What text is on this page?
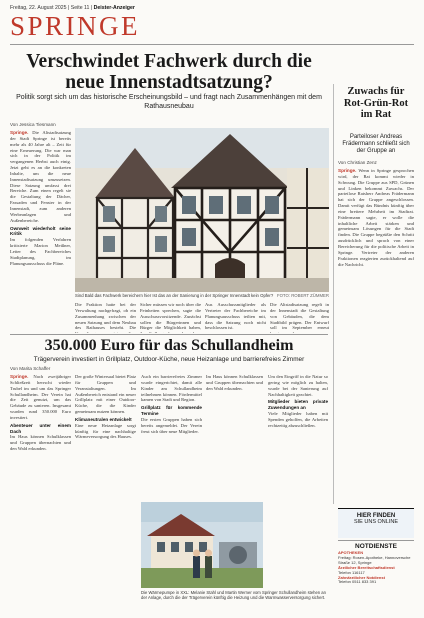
Freitag, 22. August 2025 | Seite 11 | Deister-Anzeiger
SPRINGE
Verschwindet Fachwerk durch die neue Innenstadtsatzung?
Politik sorgt sich um das historische Erscheinungsbild – und fragt nach Zusammenhängen mit dem Rathausneubau
Von Jessica Tiesmann
Springe. Die Altstadtsatzung der Stadt Springe ist bereits mehr als 40 Jahre alt – Zeit für eine Erneuerung. Die war man sich in der Politik im vergangenen Herbst auch einig. Jetzt geht es an die konkreten Inhalte, um die neue Innenstadtsatzung umzusetzen. Diese Satzung umfasst drei Bereiche. Zum einen regelt sie die Gestaltung der Dächer, Fassaden und Fenster in der Innenstadt, zum anderen Werbeanlagen und Außenbereiche.
Ownweit wiederholt seine Kritik
Im folgenden Verfahren kritisierte Marion Meißner, Leiter des Fachbereiches Stadtplanung, im Planungsausschuss die Pläne.
Sind Bald das Fachwerk bereichern hier Ist das an der Sanierung in der Springer Innenstadt kein Opfer? FOTO: ROBERT ZÜMMER
Die Fraktion hatte bei der Verwaltung nachgefragt, ob ein Zusammenhang zwischen der neuen Satzung und dem Neubau des Rathauses besteht. Die
Sicher müssen wir noch über die Feinheiten sprechen, sagte die Ausschussvorsitzende. Zunächst sollen die Bürgerinnen und Bürger die Möglichkeit haben,
Aus Ausschussmitglieder als Vertreter der Fachbereiche im Planungsausschuss teilten mit, dass die Satzung noch nicht beschlossen ist.
Die Altstadtsatzung regelt in der Innenstadt die Gestaltung von Gebäuden, die dem Stadtbild prägen. Der Entwurf soll im September erneut
Zuwachs für Rot-Grün-Rot im Rat
Parteiloser Andreas Frädermann schließt sich der Gruppe an
Von Christian Zenz
Springe. Wenn in Springe gesprochen wird, der Rat kommt wieder in Schwung. Die Gruppe aus SPD, Grünen und Linken bekommt Zuwachs. Der parteilose Ratsherr Andreas Frädermann hat sich der Gruppe angeschlossen. Damit verfügt das Bündnis künftig über eine breitere Mehrheit im Stadtrat. Frädermann sagte, er wolle die inhaltliche Arbeit stärken und gemeinsam Lösungen für die Stadt finden. Die Gruppe begrüßte den Schritt ausdrücklich und sprach von einer Bereicherung für die politische Arbeit in Springe. Vertreter der anderen Fraktionen reagierten zurückhaltend auf die Nachricht.
350.000 Euro für das Schullandheim
Trägerverein investiert in Grillplatz, Outdoor-Küche, neue Heizanlage und barrierefreies Zimmer
Von Marita Schaffer
Springe. Nach zweijähriger Schließzeit herrscht wieder Trubel im und um das Springer Schullandheim. Der Verein hat die Zeit genutzt, um das Gebäude zu sanieren. Insgesamt wurden rund 350.000 Euro investiert.
Abenteuer unter einem Dach
Im Haus können Schulklassen und Gruppen übernachten und den Wald erkunden.
Der große Wintersaal bietet Platz für Gruppen und Veranstaltungen. Im Außenbereich entstand ein neuer Grillplatz mit einer Outdoor-Küche, die die Kinder gemeinsam nutzen können.
Klimaneutralen entwickelt
Eine neue Heizanlage sorgt künftig für eine nachhaltige Wärmeversorgung des Hauses.
Auch ein barrierefreies Zimmer wurde eingerichtet, damit alle Kinder am Schullandheim teilnehmen können. Fördermittel kamen von Stadt und Region.
Grillplatz für kommende Termine
Die ersten Gruppen haben sich bereits angemeldet. Der Verein freut sich über neue Mitglieder.
Im Haus können Schulklassen und Gruppen übernachten und den Wald erkunden.
Um den Eingriff in die Natur so gering wie möglich zu halten, wurde bei der Sanierung auf Nachhaltigkeit geachtet.
Mitglieder bieten private Zuwendungen an
Viele Mitglieder haben mit Spenden geholfen, die Arbeiten rechtzeitig abzuschließen.
Die Wärmepumpe in XXL: Melanie Stahl und Martin Werner vom Springer Schullandheim stehen an der Anlage, durch die der Trägerverein künftig die Heizung und die Warmwasserversorgung sichert.
HIER FINDEN
SIE UNS ONLINE
NOTDIENSTE
APOTHEKEN
Freitag: Rosen-Apotheke, Hannoversche Straße 12, Springe
Ärztlicher Bereitschaftsdienst
Telefon 116117
Zahnärztlicher Notdienst
Telefon 0511 833 391
